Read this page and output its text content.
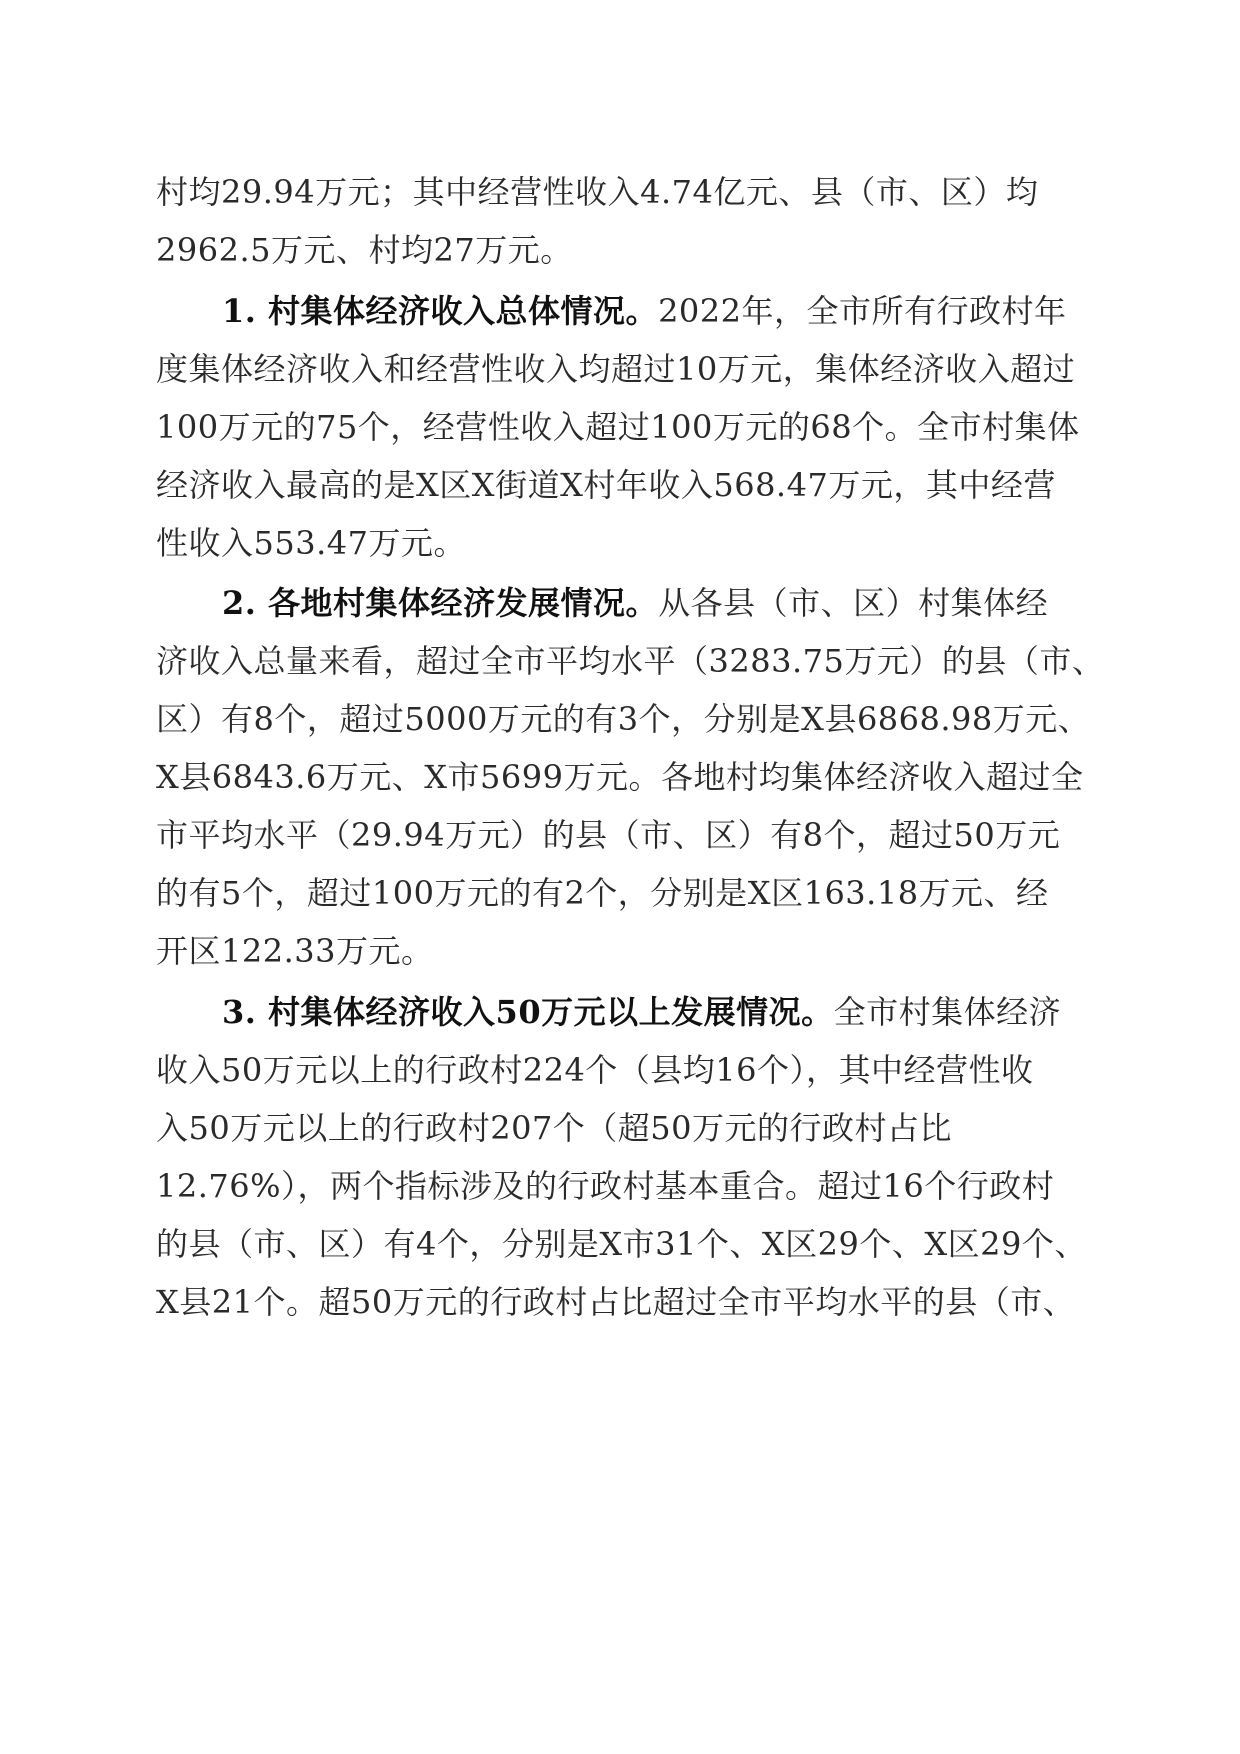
村均29.94万元；其中经营性收入4.74亿元、县（市、区）均
2962.5万元、村均27万元。
1. 村集体经济收入总体情况。2022年，全市所有行政村年
度集体经济收入和经营性收入均超过10万元，集体经济收入超过
100万元的75个，经营性收入超过100万元的68个。全市村集体
经济收入最高的是X区X街道X村年收入568.47万元，其中经营
性收入553.47万元。
2. 各地村集体经济发展情况。从各县（市、区）村集体经
济收入总量来看，超过全市平均水平（3283.75万元）的县（市、
区）有8个，超过5000万元的有3个，分别是X县6868.98万元、
X县6843.6万元、X市5699万元。各地村均集体经济收入超过全
市平均水平（29.94万元）的县（市、区）有8个，超过50万元
的有5个，超过100万元的有2个，分别是X区163.18万元、经
开区122.33万元。
3. 村集体经济收入50万元以上发展情况。全市村集体经济
收入50万元以上的行政村224个（县均16个），其中经营性收
入50万元以上的行政村207个（超50万元的行政村占比
12.76%），两个指标涉及的行政村基本重合。超过16个行政村
的县（市、区）有4个，分别是X市31个、X区29个、X区29个、
X县21个。超50万元的行政村占比超过全市平均水平的县（市、
